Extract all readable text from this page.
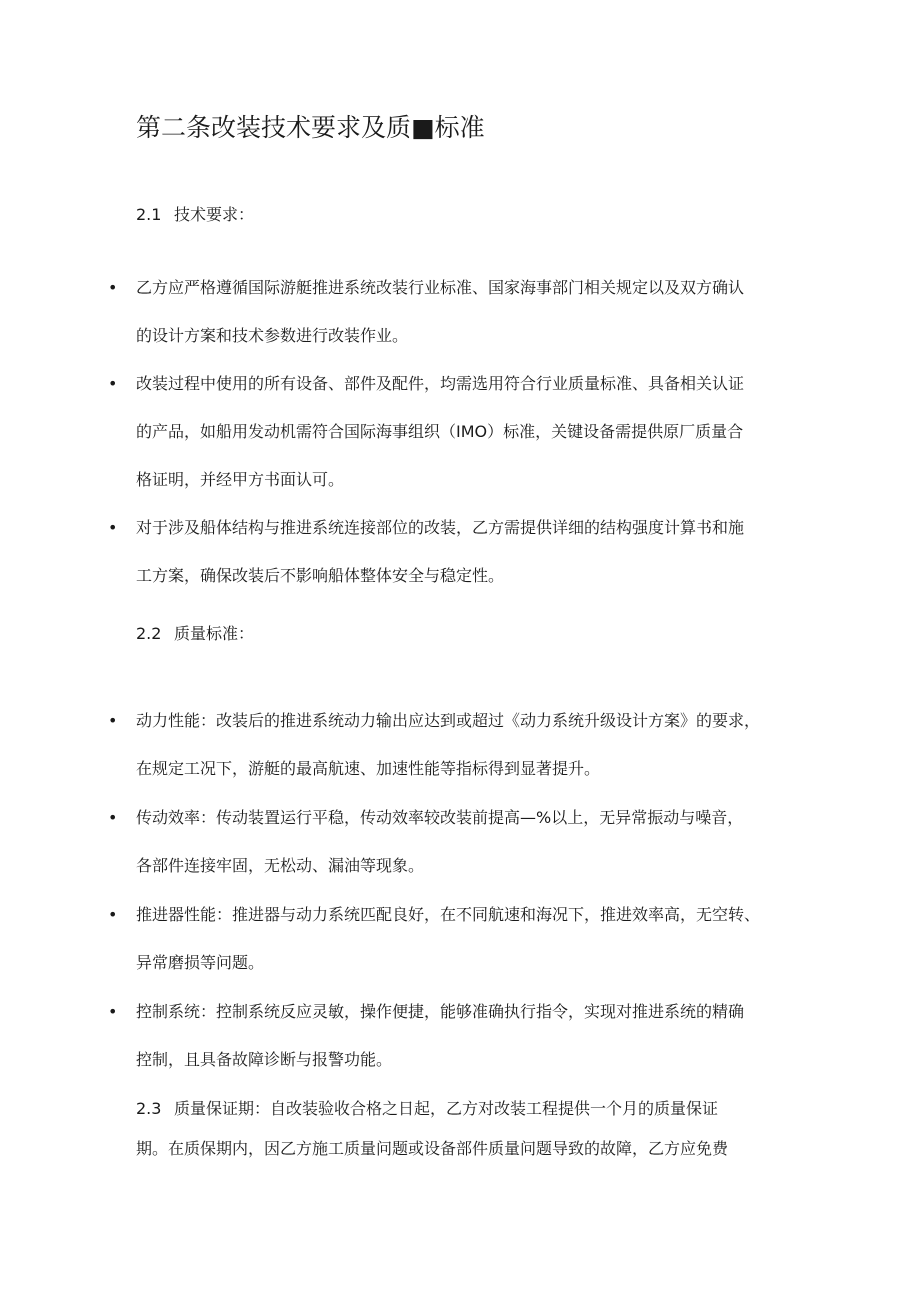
第二条改装技术要求及质■标准
2.1 技术要求：
•	乙方应严格遵循国际游艇推进系统改装行业标准、国家海事部门相关规定以及双方确认
的设计方案和技术参数进行改装作业。
•	改装过程中使用的所有设备、部件及配件，均需选用符合行业质量标准、具备相关认证
的产品，如船用发动机需符合国际海事组织（IMO）标准，关键设备需提供原厂质量合
格证明，并经甲方书面认可。
•	对于涉及船体结构与推进系统连接部位的改装，乙方需提供详细的结构强度计算书和施
工方案，确保改装后不影响船体整体安全与稳定性。
2.2 质量标准：
•	动力性能：改装后的推进系统动力输出应达到或超过《动力系统升级设计方案》的要求，
在规定工况下，游艇的最高航速、加速性能等指标得到显著提升。
•	传动效率：传动装置运行平稳，传动效率较改装前提高—%以上，无异常振动与噪音，
各部件连接牢固，无松动、漏油等现象。
•	推进器性能：推进器与动力系统匹配良好，在不同航速和海况下，推进效率高，无空转、
异常磨损等问题。
•	控制系统：控制系统反应灵敏，操作便捷，能够准确执行指令，实现对推进系统的精确
控制，且具备故障诊断与报警功能。
2.3 质量保证期：自改装验收合格之日起，乙方对改装工程提供一个月的质量保证
期。在质保期内，因乙方施工质量问题或设备部件质量问题导致的故障，乙方应免费
